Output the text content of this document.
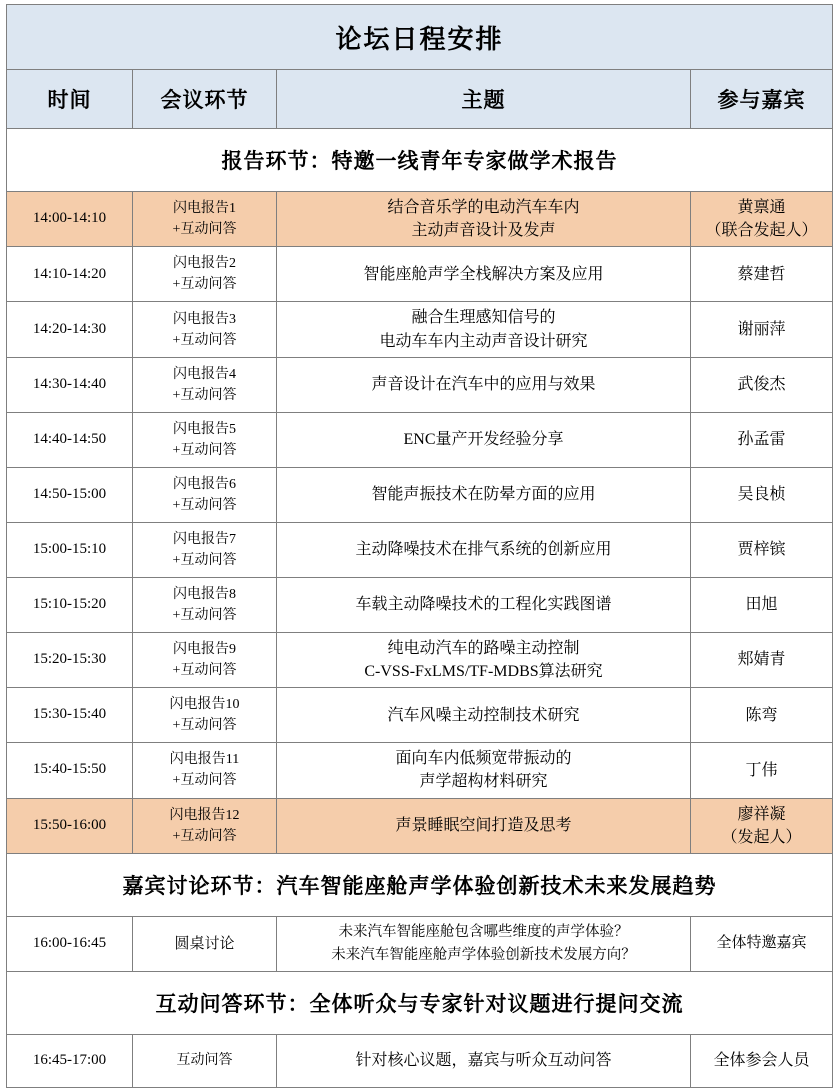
论坛日程安排			
时间	会议环节	主题	参与嘉宾
报告环节：特邀一线青年专家做学术报告			
14:00-14:10	闪电报告1
+互动问答	结合音乐学的电动汽车车内
主动声音设计及发声	黄禀通
（联合发起人）

14:10-14:20	闪电报告2
+互动问答	智能座舱声学全栈解决方案及应用	蔡建哲

14:20-14:30	闪电报告3
+互动问答	融合生理感知信号的
电动车车内主动声音设计研究	谢丽萍

14:30-14:40	闪电报告4
+互动问答	声音设计在汽车中的应用与效果	武俊杰

14:40-14:50	闪电报告5
+互动问答	ENC量产开发经验分享	孙孟雷

14:50-15:00	闪电报告6
+互动问答	智能声振技术在防晕方面的应用	吴良桢

15:00-15:10	闪电报告7
+互动问答	主动降噪技术在排气系统的创新应用	贾梓镔

15:10-15:20	闪电报告8
+互动问答	车载主动降噪技术的工程化实践图谱	田旭

15:20-15:30	闪电报告9
+互动问答	纯电动汽车的路噪主动控制
C-VSS-FxLMS/TF-MDBS算法研究	郏婧青

15:30-15:40	闪电报告10
+互动问答	汽车风噪主动控制技术研究	陈弯

15:40-15:50	闪电报告11
+互动问答	面向车内低频宽带振动的
声学超构材料研究	丁伟

15:50-16:00	闪电报告12
+互动问答	声景睡眠空间打造及思考	廖祥凝
（发起人）

嘉宾讨论环节：汽车智能座舱声学体验创新技术未来发展趋势			
16:00-16:45	圆桌讨论	未来汽车智能座舱包含哪些维度的声学体验？
未来汽车智能座舱声学体验创新技术发展方向？	全体特邀嘉宾

互动问答环节：全体听众与专家针对议题进行提问交流			
16:45-17:00	互动问答	针对核心议题，嘉宾与听众互动问答	全体参会人员
